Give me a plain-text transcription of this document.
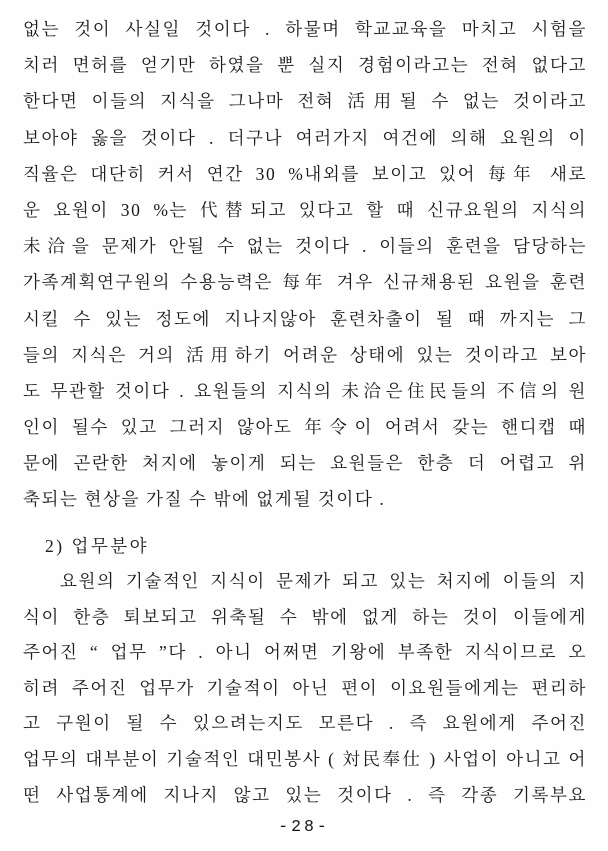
없는 것이 사실일 것이다 . 하물며 학교교육을 마치고 시험을
치러 면허를 얻기만 하였을 뿐 실지 경험이라고는 전혀 없다고
한다면 이들의 지식을 그나마 전혀 活用될 수 없는 것이라고
보아야 옳을 것이다 . 더구나 여러가지 여건에 의해 요원의 이
직율은 대단히 커서 연간 30 %내외를 보이고 있어 每年 새로
운 요원이 30 %는 代替되고 있다고 할 때 신규요원의 지식의
未洽을 문제가 안될 수 없는 것이다 . 이들의 훈련을 담당하는
가족계획연구원의 수용능력은 每年 겨우 신규채용된 요원을 훈련
시킬 수 있는 정도에 지나지않아 훈련차출이 될 때 까지는 그
들의 지식은 거의 活用하기 어려운 상태에 있는 것이라고 보아
도 무관할 것이다 . 요원들의 지식의 未洽은住民들의 不信의 원
인이 될수 있고 그러지 않아도 年令이 어려서 갖는 핸디캡 때
문에 곤란한 처지에 놓이게 되는 요원들은 한층 더 어렵고 위
축되는 현상을 가질 수 밖에 없게될 것이다 .
2) 업무분야
요원의 기술적인 지식이 문제가 되고 있는 처지에 이들의 지
식이 한층 퇴보되고 위축될 수 밖에 없게 하는 것이 이들에게
주어진 “ 업무 ”다 . 아니 어쩌면 기왕에 부족한 지식이므로 오
히려 주어진 업무가 기술적이 아닌 편이 이요원들에게는 편리하
고 구원이 될 수 있으려는지도 모른다 . 즉 요원에게 주어진
업무의 대부분이 기술적인 대민봉사 ( 対民奉仕 ) 사업이 아니고 어
떤 사업통계에 지나지 않고 있는 것이다 . 즉 각종 기록부요
-28-
